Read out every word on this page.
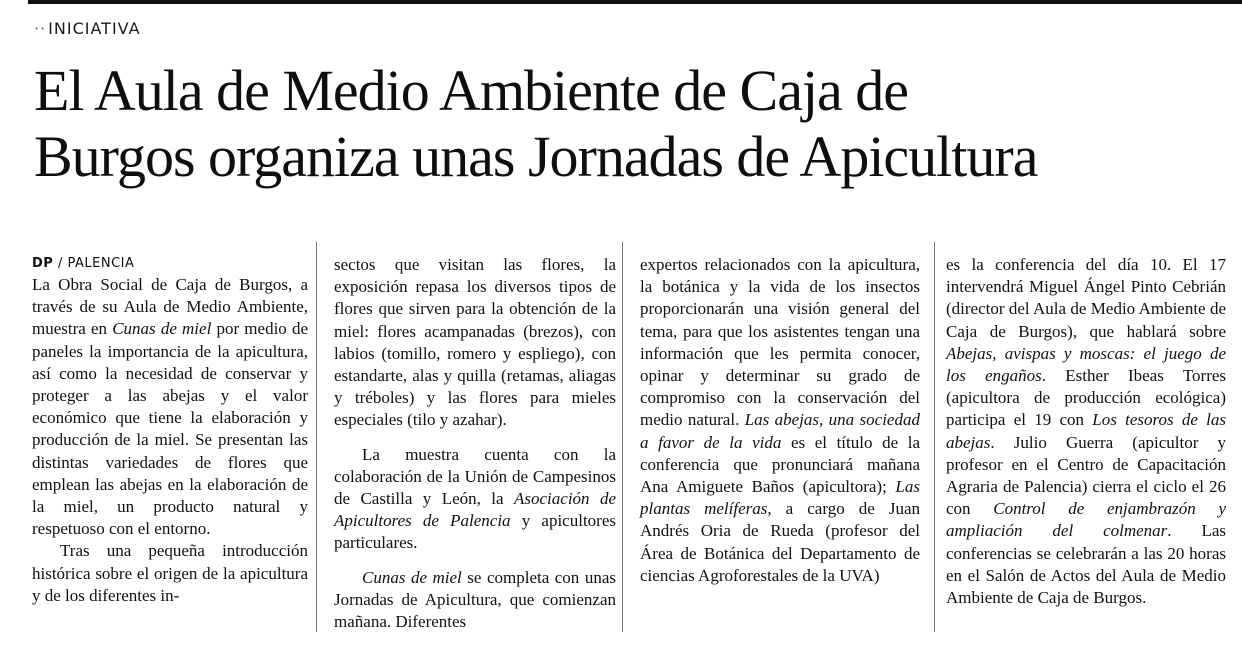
·· INICIATIVA
El Aula de Medio Ambiente de Caja de
Burgos organiza unas Jornadas de Apicultura
DP / PALENCIA

La Obra Social de Caja de Burgos, a través de su Aula de Medio Ambiente, muestra en Cunas de miel por medio de paneles la importancia de la apicultura, así como la necesidad de conservar y proteger a las abejas y el valor económico que tiene la elaboración y producción de la miel. Se presentan las distintas variedades de flores que emplean las abejas en la elaboración de la miel, un producto natural y respetuoso con el entorno.

Tras una pequeña introducción histórica sobre el origen de la apicultura y de los diferentes in-

sectos que visitan las flores, la exposición repasa los diversos tipos de flores que sirven para la obtención de la miel: flores acampanadas (brezos), con labios (tomillo, romero y espliego), con estandarte, alas y quilla (retamas, aliagas y tréboles) y las flores para mieles especiales (tilo y azahar).

La muestra cuenta con la colaboración de la Unión de Campesinos de Castilla y León, la Asociación de Apicultores de Palencia y apicultores particulares.

Cunas de miel se completa con unas Jornadas de Apicultura, que comienzan mañana. Diferentes

expertos relacionados con la apicultura, la botánica y la vida de los insectos proporcionarán una visión general del tema, para que los asistentes tengan una información que les permita conocer, opinar y determinar su grado de compromiso con la conservación del medio natural. Las abejas, una sociedad a favor de la vida es el título de la conferencia que pronunciará mañana Ana Amiguete Baños (apicultora); Las plantas melíferas, a cargo de Juan Andrés Oria de Rueda (profesor del Área de Botánica del Departamento de ciencias Agroforestales de la UVA)

es la conferencia del día 10. El 17 intervendrá Miguel Ángel Pinto Cebrián (director del Aula de Medio Ambiente de Caja de Burgos), que hablará sobre Abejas, avispas y moscas: el juego de los engaños. Esther Ibeas Torres (apicultora de producción ecológica) participa el 19 con Los tesoros de las abejas. Julio Guerra (apicultor y profesor en el Centro de Capacitación Agraria de Palencia) cierra el ciclo el 26 con Control de enjambrazón y ampliación del colmenar. Las conferencias se celebrarán a las 20 horas en el Salón de Actos del Aula de Medio Ambiente de Caja de Burgos.
